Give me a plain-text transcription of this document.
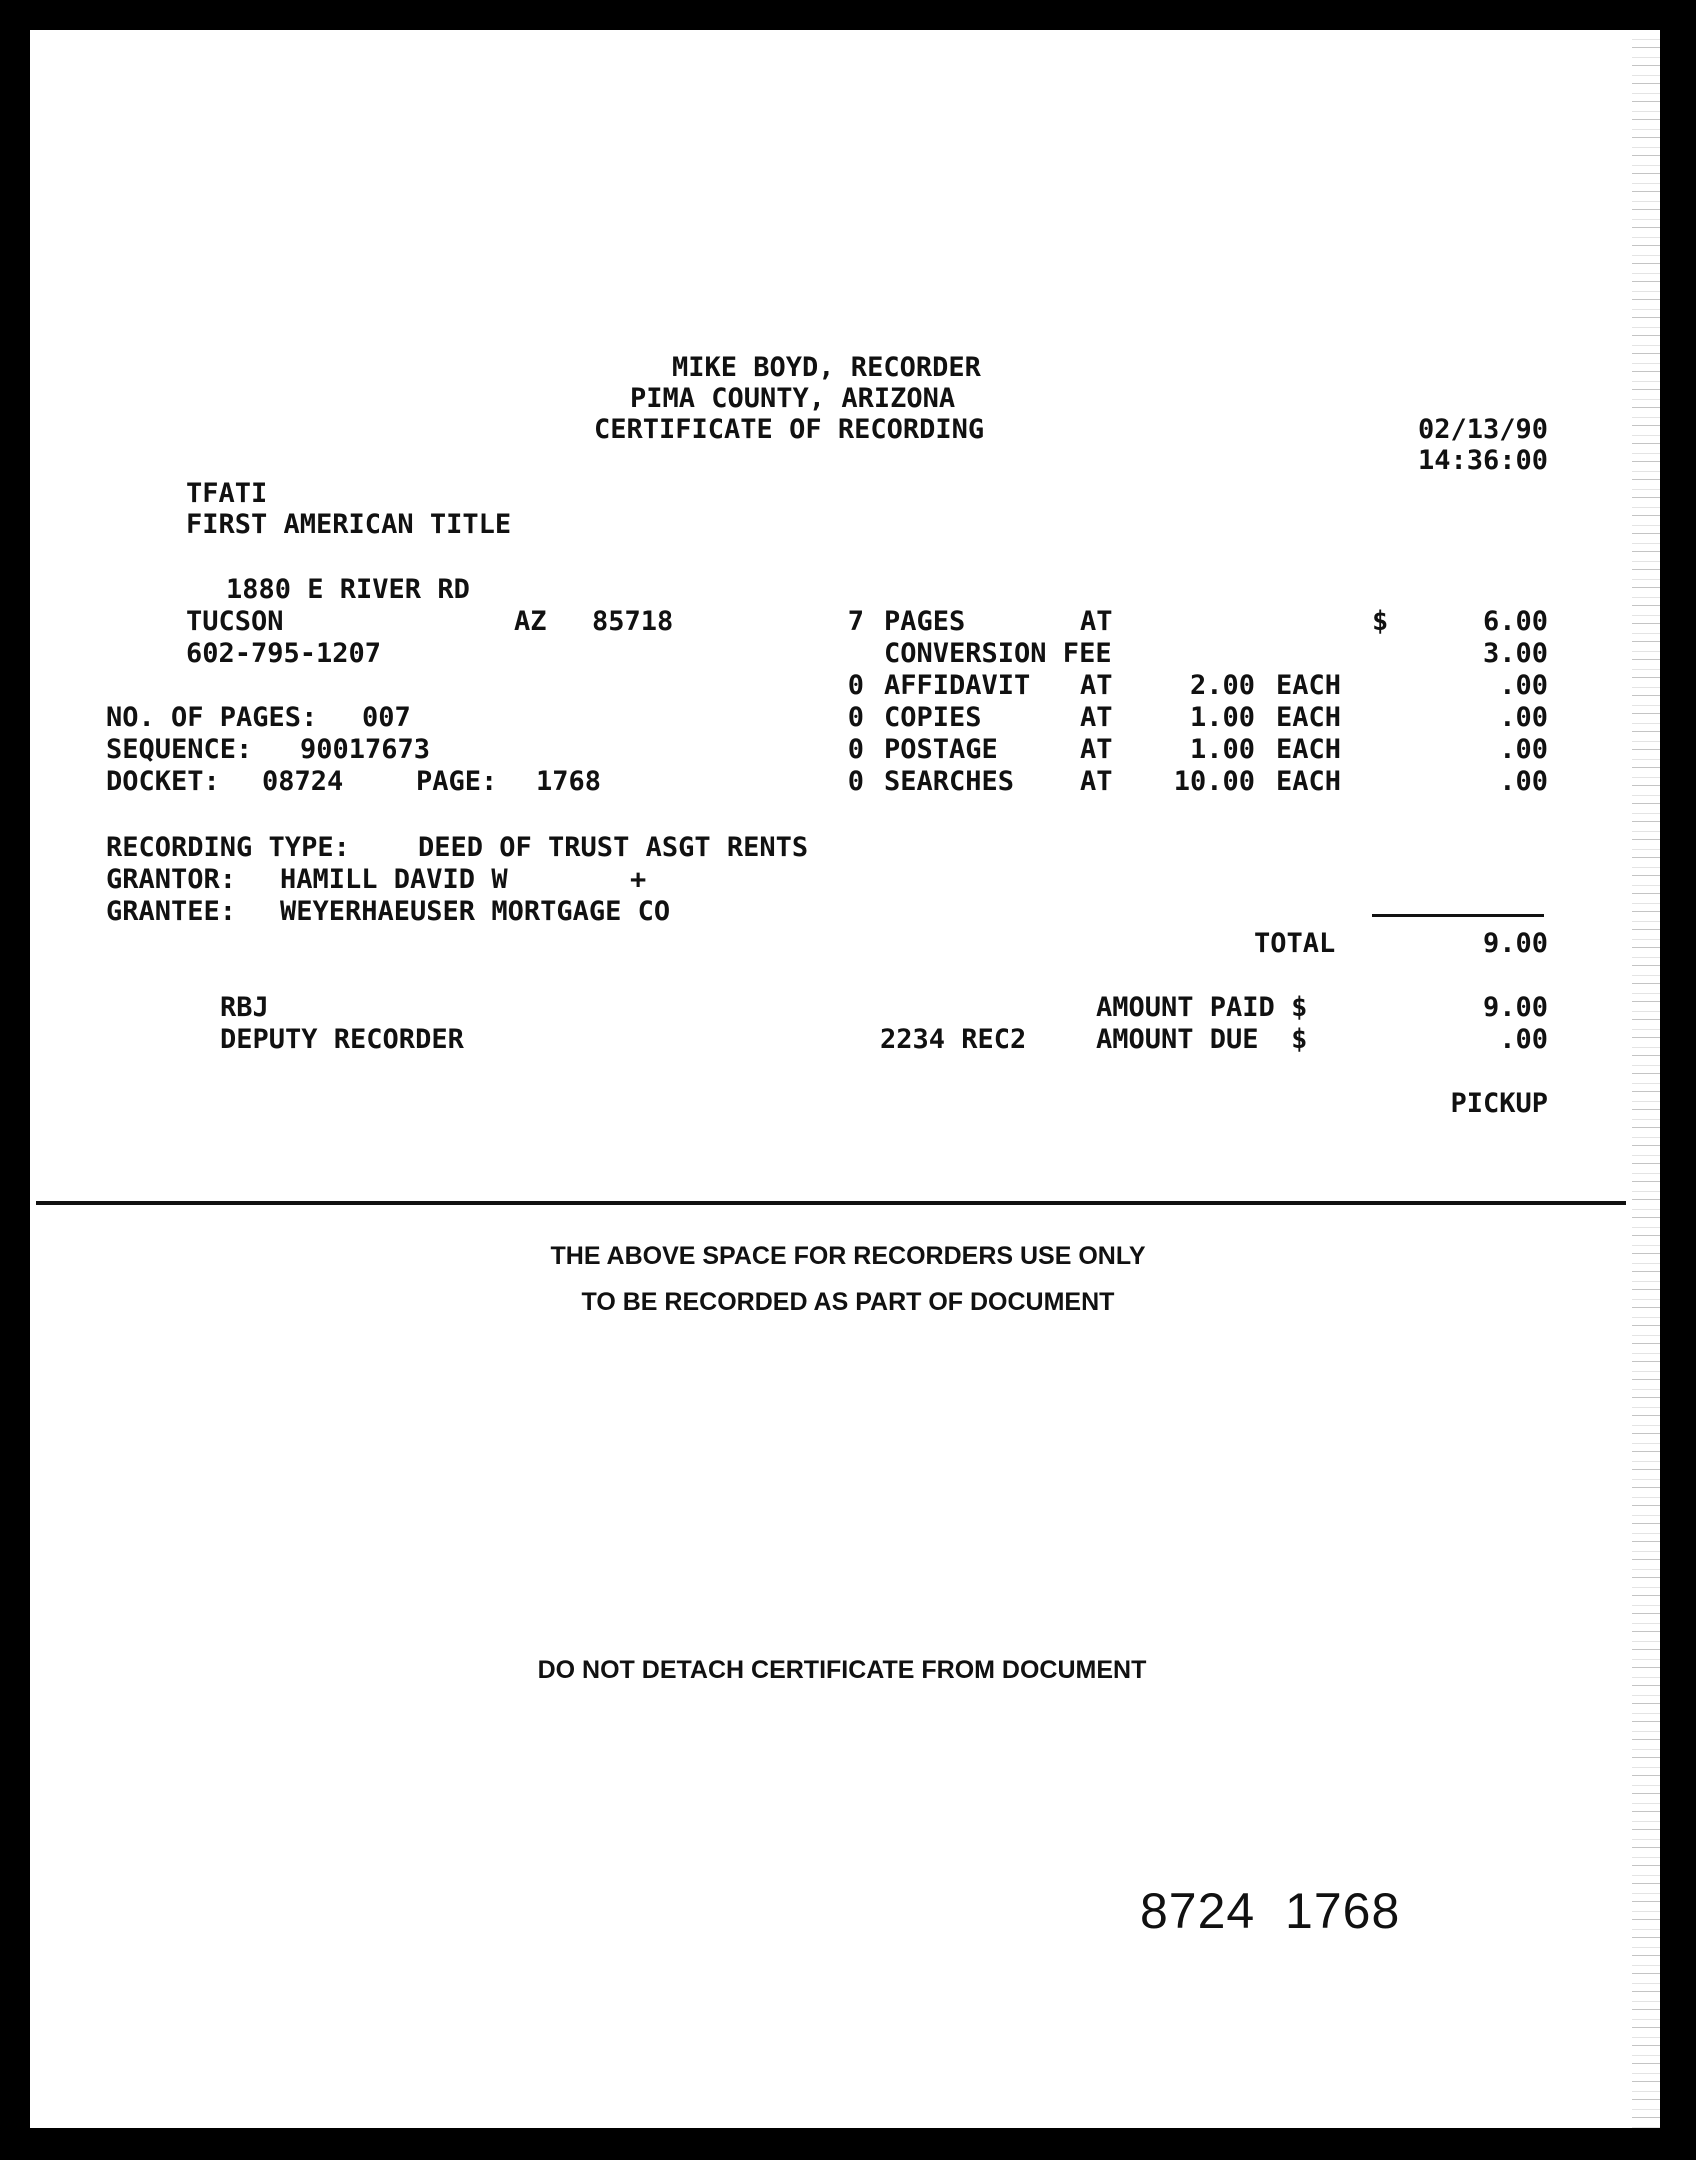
MIKE BOYD, RECORDER
PIMA COUNTY, ARIZONA
CERTIFICATE OF RECORDING	02/13/90
14:36:00
TFATI
FIRST AMERICAN TITLE
1880 E RIVER RD
TUCSON	AZ 85718
602-795-1207
NO. OF PAGES: 007
SEQUENCE: 90017673
DOCKET: 08724	PAGE: 1768
RECORDING TYPE:	DEED OF TRUST ASGT RENTS
GRANTOR: HAMILL DAVID W	+
GRANTEE: WEYERHAEUSER MORTGAGE CO
7 PAGES	AT	$	6.00
CONVERSION FEE	3.00
0 AFFIDAVIT AT	2.00 EACH	.00
0 COPIES	AT	1.00 EACH	.00
0 POSTAGE	AT	1.00 EACH	.00
0 SEARCHES AT	10.00 EACH	.00
TOTAL	9.00
RBJ
DEPUTY RECORDER	2234 REC2
AMOUNT PAID $	9.00
AMOUNT DUE  $	.00
PICKUP
THE ABOVE SPACE FOR RECORDERS USE ONLY
TO BE RECORDED AS PART OF DOCUMENT
DO NOT DETACH CERTIFICATE FROM DOCUMENT
8724 1768
